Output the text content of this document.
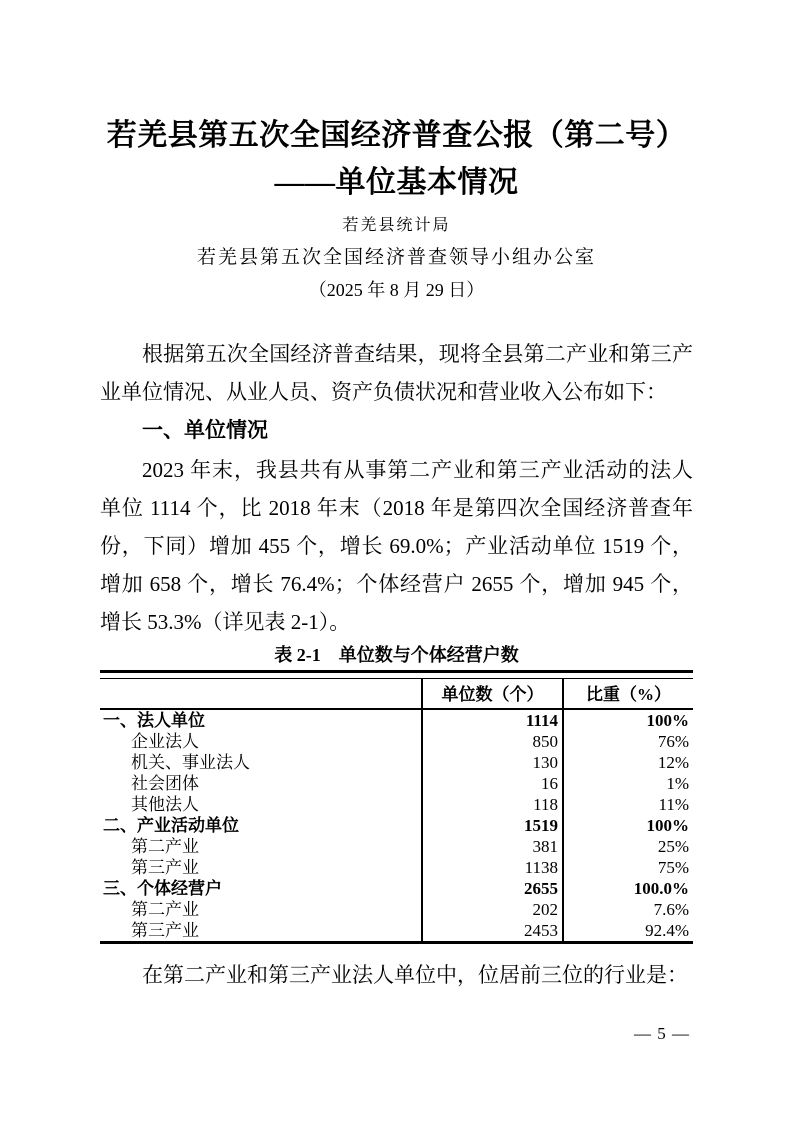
若羌县第五次全国经济普查公报（第二号）
——单位基本情况
若羌县统计局
若羌县第五次全国经济普查领导小组办公室
（2025 年 8 月 29 日）

根据第五次全国经济普查结果，现将全县第二产业和第三产业单位情况、从业人员、资产负债状况和营业收入公布如下：

一、单位情况

2023 年末，我县共有从事第二产业和第三产业活动的法人单位 1114 个，比 2018 年末（2018 年是第四次全国经济普查年份，下同）增加 455 个，增长 69.0%；产业活动单位 1519 个，增加 658 个，增长 76.4%；个体经营户 2655 个，增加 945 个，增长 53.3%（详见表 2-1）。

表 2-1　单位数与个体经营户数
	单位数（个）	比重（%）
一、法人单位	1114	100%
企业法人	850	76%
机关、事业法人	130	12%
社会团体	16	1%
其他法人	118	11%
二、产业活动单位	1519	100%
第二产业	381	25%
第三产业	1138	75%
三、个体经营户	2655	100.0%
第二产业	202	7.6%
第三产业	2453	92.4%

在第二产业和第三产业法人单位中，位居前三位的行业是：

— 5 —
